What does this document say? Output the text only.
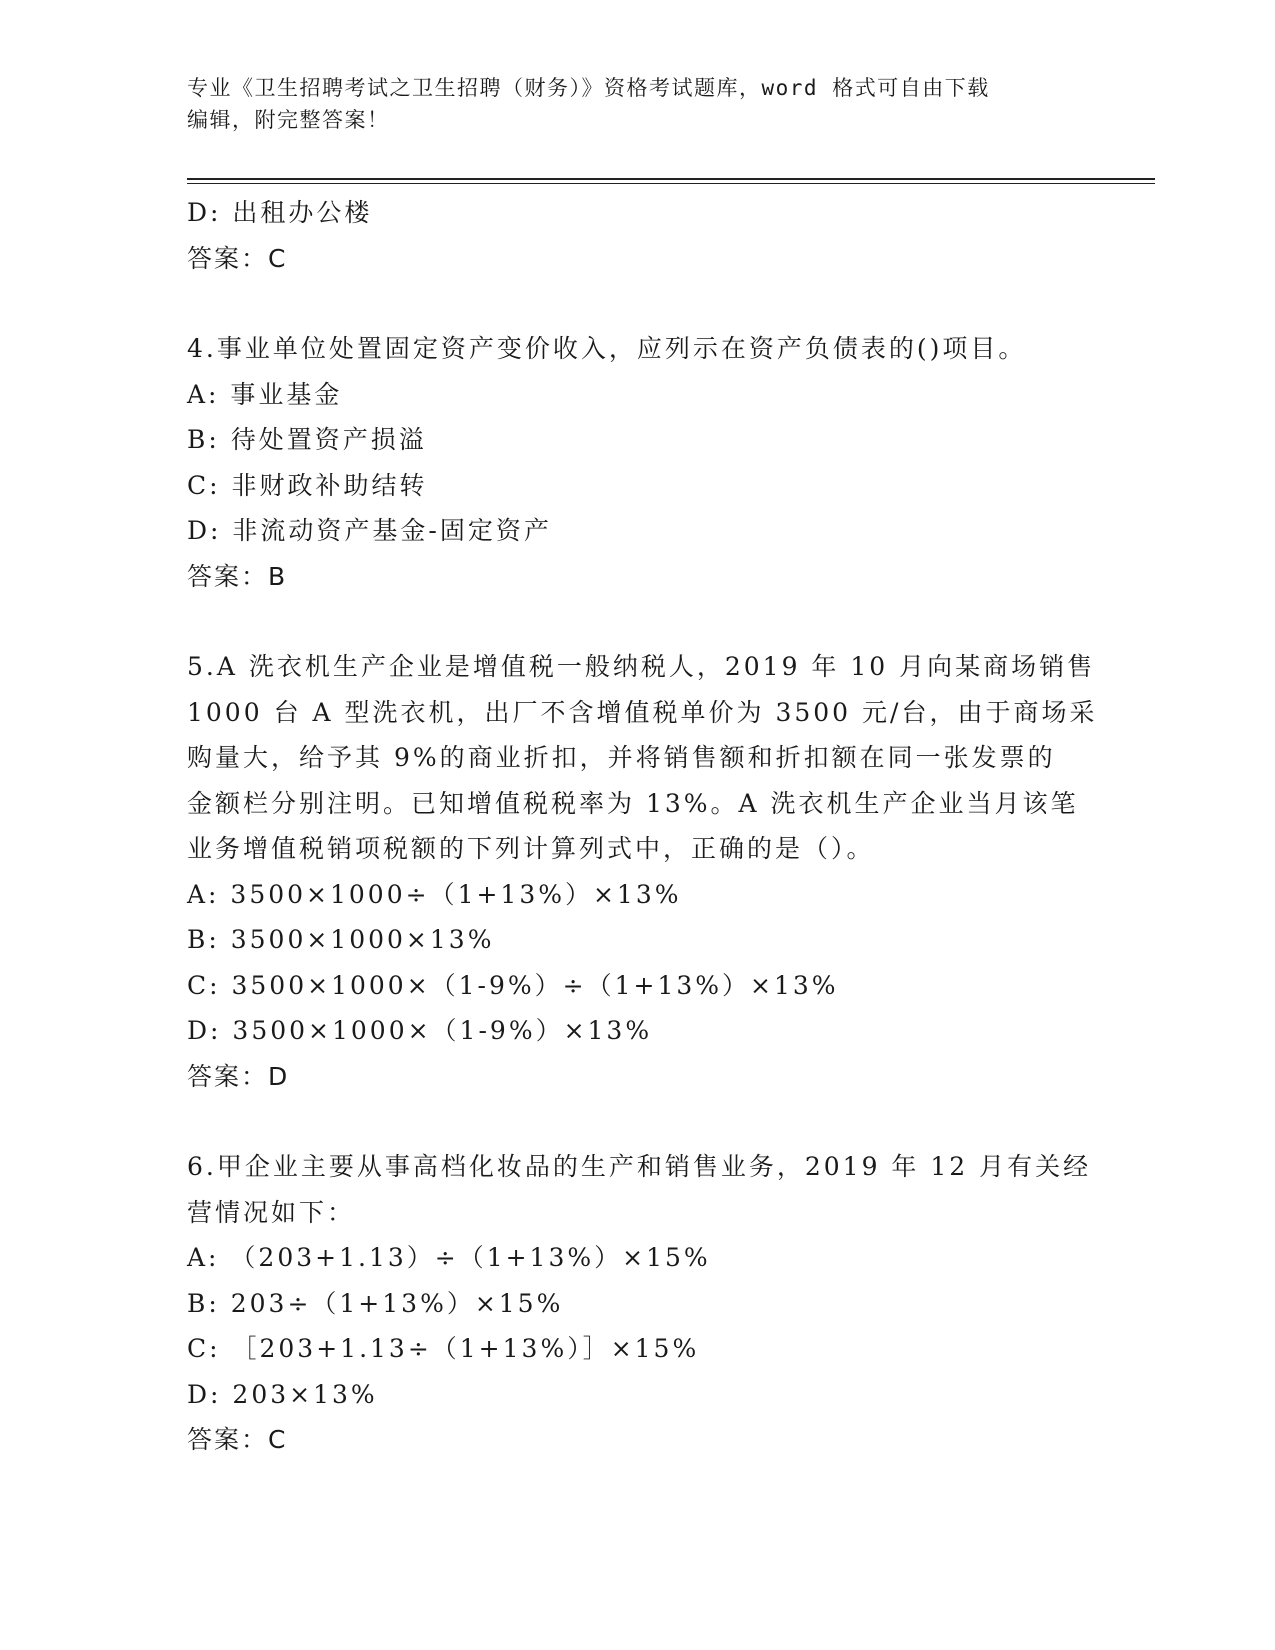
专业《卫生招聘考试之卫生招聘（财务）》资格考试题库，word 格式可自由下载
编辑，附完整答案！
D: 出租办公楼
答案：C
4.事业单位处置固定资产变价收入，应列示在资产负债表的()项目。
A: 事业基金
B: 待处置资产损溢
C: 非财政补助结转
D: 非流动资产基金-固定资产
答案：B
5.A 洗衣机生产企业是增值税一般纳税人，2019 年 10 月向某商场销售
1000 台 A 型洗衣机，出厂不含增值税单价为 3500 元/台，由于商场采
购量大，给予其 9%的商业折扣，并将销售额和折扣额在同一张发票的
金额栏分别注明。已知增值税税率为 13%。A 洗衣机生产企业当月该笔
业务增值税销项税额的下列计算列式中，正确的是（）。
A: 3500×1000÷（1+13%）×13%
B: 3500×1000×13%
C: 3500×1000×（1-9%）÷（1+13%）×13%
D: 3500×1000×（1-9%）×13%
答案：D
6.甲企业主要从事高档化妆品的生产和销售业务，2019 年 12 月有关经
营情况如下：
A: （203+1.13）÷（1+13%）×15%
B: 203÷（1+13%）×15%
C: ［203+1.13÷（1+13%）］×15%
D: 203×13%
答案：C
